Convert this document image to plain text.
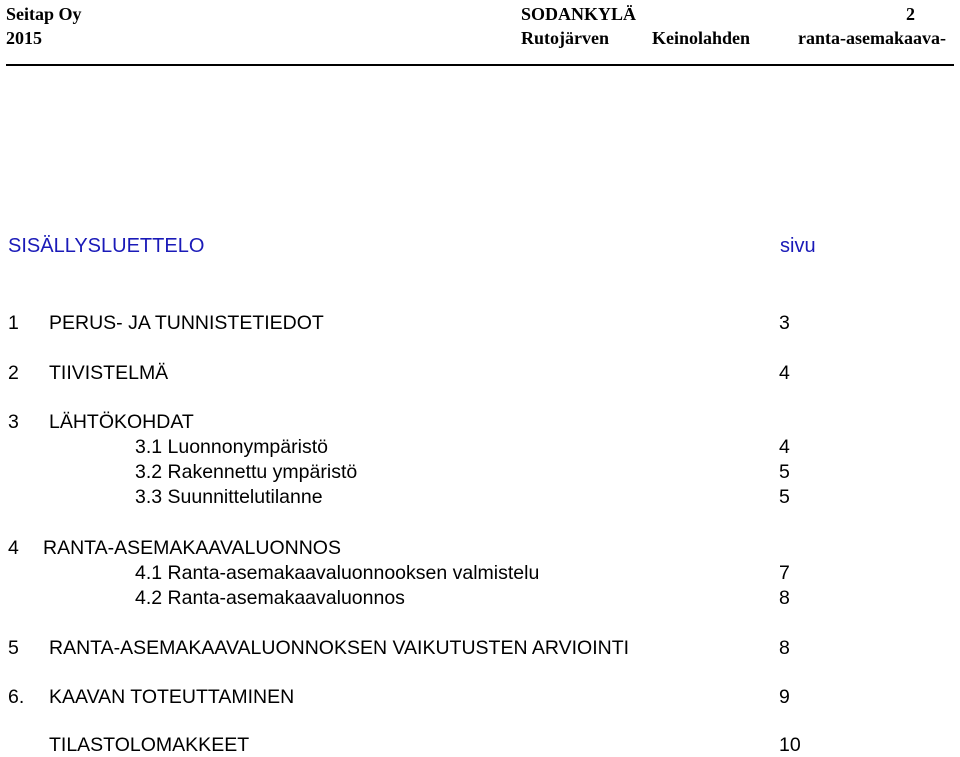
Seitap Oy
2015
SODANKYLÄ
Rutojärven Keinolahden	ranta-asemakaava-
2
SISÄLLYSLUETTELO	sivu
1 PERUS- JA TUNNISTETIEDOT	3
2 TIIVISTELMÄ	4
3 LÄHTÖKOHDAT
3.1 Luonnonympäristö	4
3.2 Rakennettu ympäristö	5
3.3 Suunnittelutilanne	5
4 RANTA-ASEMAKAAVALUONNOS
4.1 Ranta-asemakaavaluonnooksen valmistelu	7
4.2 Ranta-asemakaavaluonnos	8
5 RANTA-ASEMAKAAVALUONNOKSEN VAIKUTUSTEN ARVIOINTI	8
6. KAAVAN TOTEUTTAMINEN	9
TILASTOLOMAKKEET	10
